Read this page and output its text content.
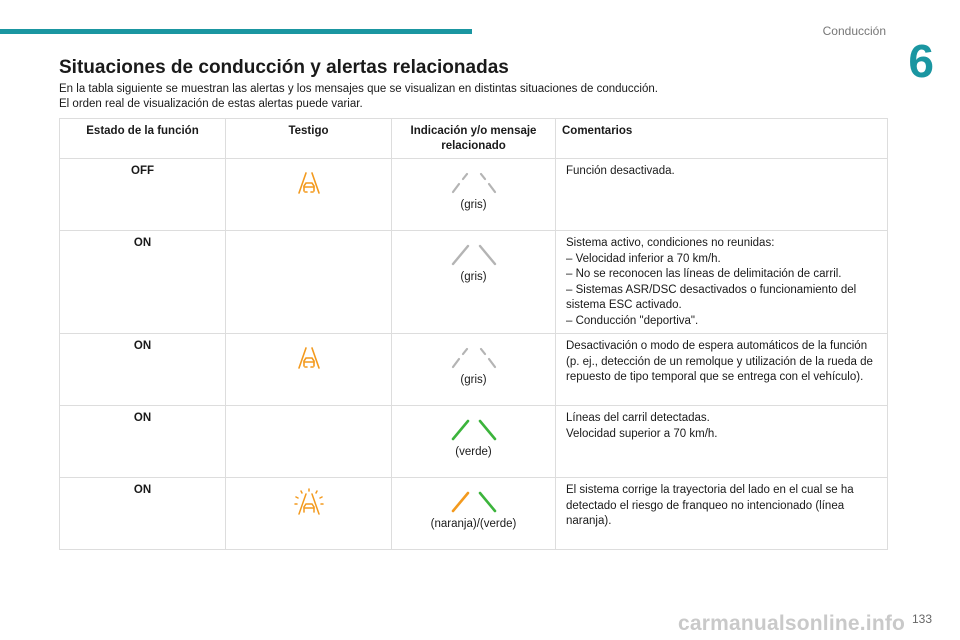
Conducción
6
Situaciones de conducción y alertas relacionadas
En la tabla siguiente se muestran las alertas y los mensajes que se visualizan en distintas situaciones de conducción.
El orden real de visualización de estas alertas puede variar.
Estado de la función	Testigo	Indicación y/o mensaje relacionado	Comentarios
OFF		(gris)	Función desactivada.

ON		(gris)	Sistema activo, condiciones no reunidas:
– Velocidad inferior a 70 km/h.
– No se reconocen las líneas de delimitación de carril.
– Sistemas ASR/DSC desactivados o funcionamiento del sistema ESC activado.
– Conducción "deportiva".

ON		(gris)	Desactivación o modo de espera automáticos de la función (p. ej., detección de un remolque y utilización de la rueda de repuesto de tipo temporal que se entrega con el vehículo).

ON		(verde)	Líneas del carril detectadas.
Velocidad superior a 70 km/h.

ON		(naranja)/(verde)	El sistema corrige la trayectoria del lado en el cual se ha detectado el riesgo de franqueo no intencionado (línea naranja).
carmanualsonline.info 133
